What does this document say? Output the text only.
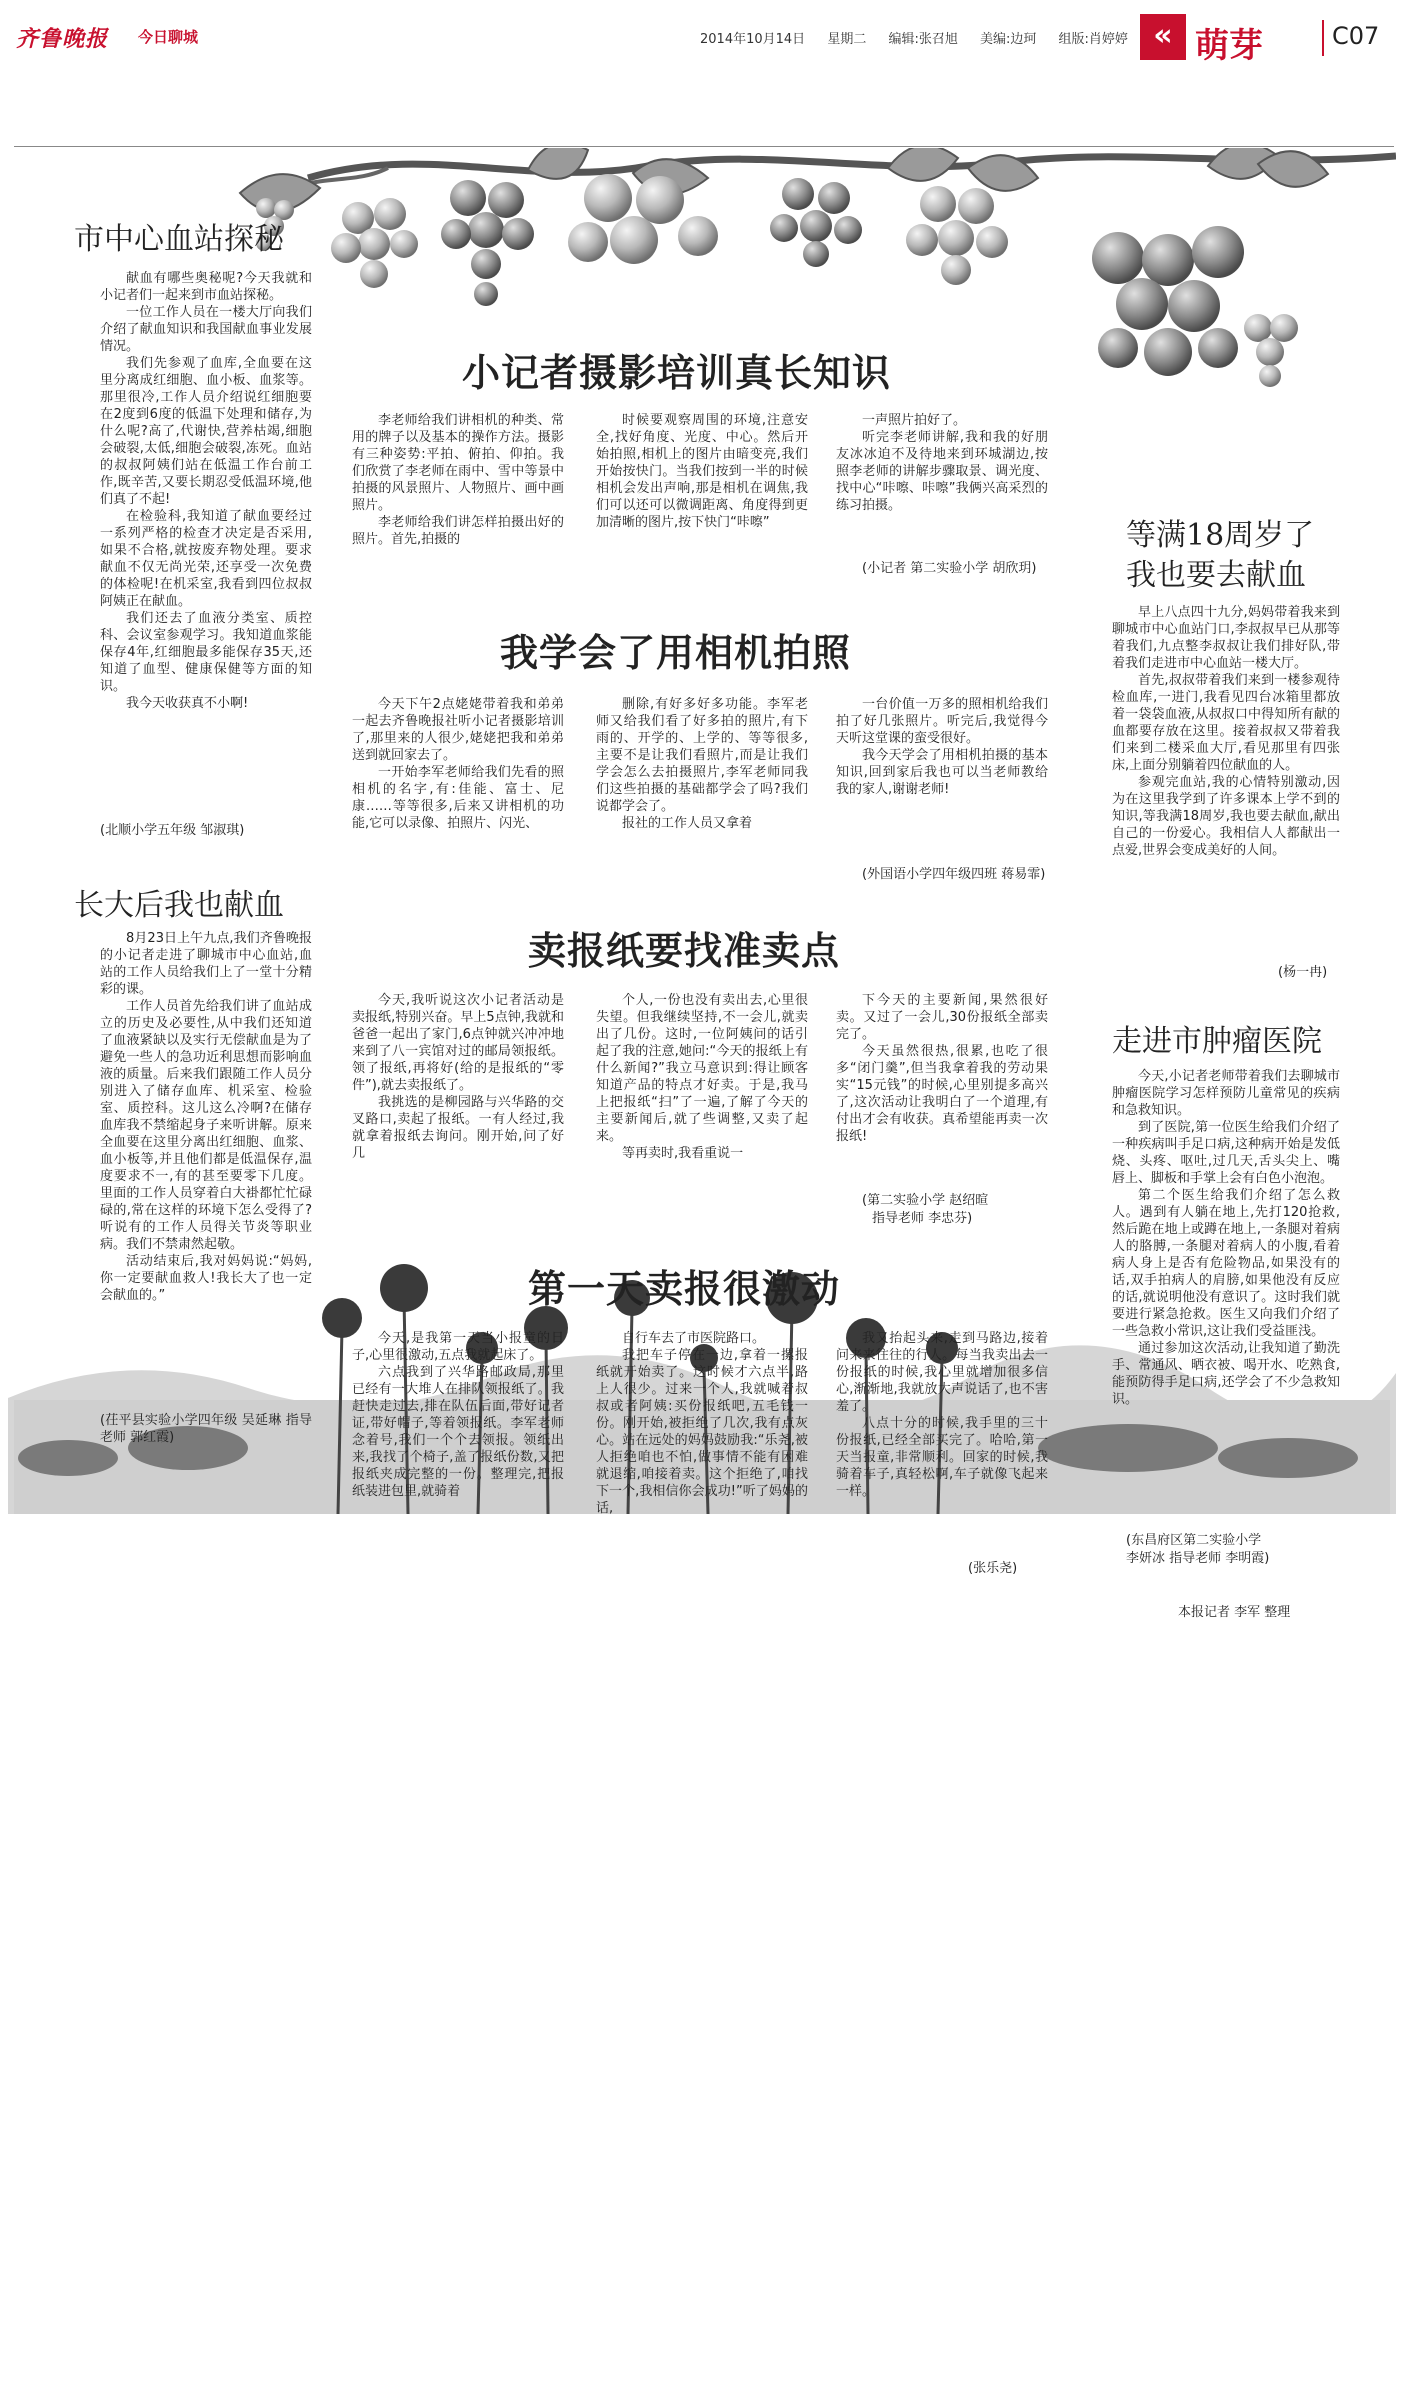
齐鲁晚报 今日聊城	2014年10月14日 星期二 编辑:张召旭 美编:边珂 组版:肖婷婷 « 萌芽	C07
市中心血站探秘

献血有哪些奥秘呢?今天我就和小记者们一起来到市血站探秘。

一位工作人员在一楼大厅向我们介绍了献血知识和我国献血事业发展情况。

我们先参观了血库,全血要在这里分离成红细胞、血小板、血浆等。那里很冷,工作人员介绍说红细胞要在2度到6度的低温下处理和储存,为什么呢?高了,代谢快,营养枯竭,细胞会破裂,太低,细胞会破裂,冻死。血站的叔叔阿姨们站在低温工作台前工作,既辛苦,又要长期忍受低温环境,他们真了不起!

在检验科,我知道了献血要经过一系列严格的检查才决定是否采用,如果不合格,就按废弃物处理。要求献血不仅无尚光荣,还享受一次免费的体检呢!在机采室,我看到四位叔叔阿姨正在献血。

我们还去了血液分类室、质控科、会议室参观学习。我知道血浆能保存4年,红细胞最多能保存35天,还知道了血型、健康保健等方面的知识。

我今天收获真不小啊!

(北顺小学五年级 邹淑琪)
长大后我也献血

8月23日上午九点,我们齐鲁晚报的小记者走进了聊城市中心血站,血站的工作人员给我们上了一堂十分精彩的课。

工作人员首先给我们讲了血站成立的历史及必要性,从中我们还知道了血液紧缺以及实行无偿献血是为了避免一些人的急功近利思想而影响血液的质量。后来我们跟随工作人员分别进入了储存血库、机采室、检验室、质控科。这儿这么冷啊?在储存血库我不禁缩起身子来听讲解。原来全血要在这里分离出红细胞、血浆、血小板等,并且他们都是低温保存,温度要求不一,有的甚至要零下几度。里面的工作人员穿着白大褂都忙忙碌碌的,常在这样的环境下怎么受得了?听说有的工作人员得关节炎等职业病。我们不禁肃然起敬。

活动结束后,我对妈妈说:“妈妈,你一定要献血救人!我长大了也一定会献血的。”

(茌平县实验小学四年级 吴延琳 指导老师 郭红霞)

小记者摄影培训真长知识

李老师给我们讲相机的种类、常用的牌子以及基本的操作方法。摄影有三种姿势:平拍、俯拍、仰拍。我们欣赏了李老师在雨中、雪中等景中拍摄的风景照片、人物照片、画中画照片。

李老师给我们讲怎样拍摄出好的照片。首先,拍摄的

时候要观察周围的环境,注意安全,找好角度、光度、中心。然后开始拍照,相机上的图片由暗变亮,我们开始按快门。当我们按到一半的时候相机会发出声响,那是相机在调焦,我们可以还可以微调距离、角度得到更加清晰的图片,按下快门“咔嚓”

一声照片拍好了。

听完李老师讲解,我和我的好朋友冰冰迫不及待地来到环城湖边,按照李老师的讲解步骤取景、调光度、找中心“咔嚓、咔嚓”我俩兴高采烈的练习拍摄。

(小记者 第二实验小学 胡欣玥)
我学会了用相机拍照

今天下午2点姥姥带着我和弟弟一起去齐鲁晚报社听小记者摄影培训了,那里来的人很少,姥姥把我和弟弟送到就回家去了。

一开始李军老师给我们先看的照相机的名字,有:佳能、富士、尼康……等等很多,后来又讲相机的功能,它可以录像、拍照片、闪光、

删除,有好多好多功能。李军老师又给我们看了好多拍的照片,有下雨的、开学的、上学的、等等很多,主要不是让我们看照片,而是让我们学会怎么去拍摄照片,李军老师同我们这些拍摄的基础都学会了吗?我们说都学会了。

报社的工作人员又拿着

一台价值一万多的照相机给我们拍了好几张照片。听完后,我觉得今天听这堂课的蛮受很好。

我今天学会了用相机拍摄的基本知识,回到家后我也可以当老师教给我的家人,谢谢老师!

(外国语小学四年级四班 蒋易霏)

卖报纸要找准卖点

今天,我听说这次小记者活动是卖报纸,特别兴奋。早上5点钟,我就和爸爸一起出了家门,6点钟就兴冲冲地来到了八一宾馆对过的邮局领报纸。领了报纸,再将好(给的是报纸的“零件”),就去卖报纸了。

我挑选的是柳园路与兴华路的交叉路口,卖起了报纸。一有人经过,我就拿着报纸去询问。刚开始,问了好几

个人,一份也没有卖出去,心里很失望。但我继续坚持,不一会儿,就卖出了几份。这时,一位阿姨问的话引起了我的注意,她问:“今天的报纸上有什么新闻?”我立马意识到:得让顾客知道产品的特点才好卖。于是,我马上把报纸“扫”了一遍,了解了今天的主要新闻后,就了些调整,又卖了起来。

等再卖时,我看重说一

下今天的主要新闻,果然很好卖。又过了一会儿,30份报纸全部卖完了。

今天虽然很热,很累,也吃了很多“闭门羹”,但当我拿着我的劳动果实“15元钱”的时候,心里别提多高兴了,这次活动让我明白了一个道理,有付出才会有收获。真希望能再卖一次报纸!

(第二实验小学 赵绍暄
指导老师 李忠芬)
第一天卖报很激动

今天,是我第一天当小报童的日子,心里很激动,五点我就起床了。

六点我到了兴华路邮政局,那里已经有一大堆人在排队领报纸了。我赶快走过去,排在队伍后面,带好记者证,带好帽子,等着领报纸。李军老师念着号,我们一个个去领报。领纸出来,我找了个椅子,盖了报纸份数,又把报纸夹成完整的一份。整理完,把报纸装进包里,就骑着

自行车去了市医院路口。

我把车子停在一边,拿着一摞报纸就开始卖了。这时候才六点半,路上人很少。过来一个人,我就喊着叔叔或者阿姨:买份报纸吧,五毛钱一份。刚开始,被拒绝了几次,我有点灰心。站在远处的妈妈鼓励我:“乐尧,被人拒绝咱也不怕,做事情不能有困难就退缩,咱接着卖。这个拒绝了,咱找下一个,我相信你会成功!”听了妈妈的话,

我又抬起头来,走到马路边,接着问来来往往的行人。每当我卖出去一份报纸的时候,我心里就增加很多信心,渐渐地,我就放大声说话了,也不害羞了。

八点十分的时候,我手里的三十份报纸,已经全部买完了。哈哈,第一天当报童,非常顺利。回家的时候,我骑着车子,真轻松啊,车子就像飞起来一样。

(张乐尧)
等满18周岁了
我也要去献血

早上八点四十九分,妈妈带着我来到聊城市中心血站门口,李叔叔早已从那等着我们,九点整李叔叔让我们排好队,带着我们走进市中心血站一楼大厅。

首先,叔叔带着我们来到一楼参观待检血库,一进门,我看见四台冰箱里都放着一袋袋血液,从叔叔口中得知所有献的血都要存放在这里。接着叔叔又带着我们来到二楼采血大厅,看见那里有四张床,上面分别躺着四位献血的人。

参观完血站,我的心情特别激动,因为在这里我学到了许多课本上学不到的知识,等我满18周岁,我也要去献血,献出自己的一份爱心。我相信人人都献出一点爱,世界会变成美好的人间。

(杨一冉)
走进市肿瘤医院

今天,小记者老师带着我们去聊城市肿瘤医院学习怎样预防儿童常见的疾病和急救知识。

到了医院,第一位医生给我们介绍了一种疾病叫手足口病,这种病开始是发低烧、头疼、呕吐,过几天,舌头尖上、嘴唇上、脚板和手掌上会有白色小泡泡。

第二个医生给我们介绍了怎么救人。遇到有人躺在地上,先打120抢救,然后跪在地上或蹲在地上,一条腿对着病人的胳膊,一条腿对着病人的小腹,看着病人身上是否有危险物品,如果没有的话,双手拍病人的肩膀,如果他没有反应的话,就说明他没有意识了。这时我们就要进行紧急抢救。医生又向我们介绍了一些急救小常识,这让我们受益匪浅。

通过参加这次活动,让我知道了勤洗手、常通风、晒衣被、喝开水、吃熟食,能预防得手足口病,还学会了不少急救知识。

(东昌府区第二实验小学
李妍冰 指导老师 李明霞)
本报记者 李军 整理
